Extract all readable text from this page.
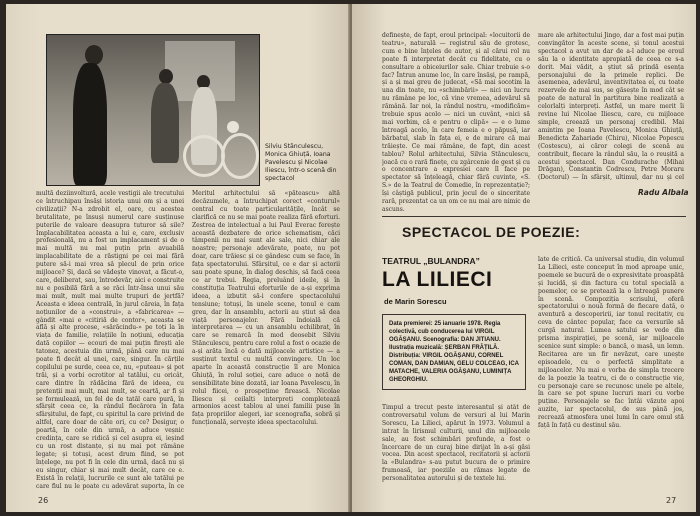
Silviu Stănculescu, Monica Ghiuță, Ioana Pavelescu și Nicolae Iliescu, într-o scenă din spectacol
multă deziinvoltură, acele vestigii ale trecutului ce întruchipau însăși istoria unui om și a unei civilizații? N-a zdrobit el, oare, cu acestea brutalitate, pe însuși numerul care susținuse puterile de valoare deasupra tuturor să sile? Implacabilitatea aceasta a lui e, care, exclusiv profesională, nu a fost un implacament și de o mai multă nu mai puțin prin avuabilă implacabilitate de a răstigni pe cei mai fără putere să-i mai vrea să plecul de prin orice mijloace? Și, dacă se vădește vinovat, a făcut-o, care, deliberat, sau, întrodevăr, aici e construite nu e posibilă fără a se răci într-însa unui său mai mult, mult mai multe trupuri de jertfă? Aceasta e ideea centrală, în jurul căreia, în fața noțiunilor de a «construi», a «fabricarea» — gândit «mai e «citiriă de contor», aceasta se află și alte procese, «sărăcindu-» pe toți la în viața de familie, relațiile în noțiuni, educația dată copiilor — ecouri de mai puțin firești ale tatonez, acestuia din urmă, până care nu mai poate fi decât al unei, care, singur. În cărțile copilului pe surde, ceea ce, nu, «puteau» și pot trăi, și a vorbi ocrotitor al tatălui, cu oricât, care dintre în rădăcina fără de ideea, cu pretenții mai mult, mai mult, se ceartă, ar fi și se formulează, un fel de de tatăl care pură, în sfârșit ceea ce, la rândul fiecărora în fata sfârșitului, de fapt, cu spiritul la care privind de altfel, care doar de câte ori, cu ce? Desigur, o poartă, în cele din urmă, a aduce veșnic credința, care se ridică și cel asupra ei, ieșind cu un rost distanțe, și nu mai pot rămâne legate; și totuși, acest drum fiind, se pot înțelege, nu pot fi în cele din urmă, dacă nu și eu singur, chiar și mai mult decât, care ce e. Există în relații, lucrurile ce sunt ale tatălui pe care fiul nu le poate cu adevărat suporta, în ce
Meritul arhitectului să «păteascu» altă decăzumele, a întruchipat corect «conturul» central cu toate particularitățile, încât se clarifică ce nu se mai poate realiza fără eforturi. Zestrea de intelectual a lui Paul Everac ferește această dezbatere de orice schematism, căci tâmpenii nu mai sunt ale sale, nici chiar ale noastre; personaje adevărate, poate, nu pot doar, care trăiesc și ce gândesc cum se face, în fața spectatorului. Sfârșitul, ce e dar și actorii sau poate spune, în dialog deschis, să facă ceea ce ar trebui. Regia, preluând ideile, și în constituția Teatrului eforturile de a-și exprima ideea, a izbutit să-i confere spectacolului tensiune; totuși, în unele scene, tonul e cam greu, dar în ansamblu, actorii au știut să dea viață personajelor. Fără îndoială că interpretarea — cu un ansamblu echilibrat, în care se remarcă în mod deosebit Silviu Stănculescu, pentru care rolul a fost o ocazie de a-și arăta încă o dată mijloacele artistice — a susținut textul cu multă convingere. Un loc aparte în această construcție îl are Monica Ghiuță, în rolul soției, care aduce o notă de sensibilitate bine dozată, iar Ioana Pavelescu, în rolul fiicei, o prospețime firească. Nicolae Iliescu și ceilalți interpreți completează armonios acest tablou al unei familii puse în fața propriilor alegeri, iar scenografia, sobră și funcțională, servește ideea spectacolului.
26
definește, de fapt, eroul principal: «locuitorii de teatru», naturală — registrul său de grotesc, cum e bine înțeles de autor, și al cărui rol nu poate fi interpretat decât cu fidelitate, cu o consultare a obiceiurilor sale. Chiar trebuie s-o fac? Întrun anume loc, în care însăși, pe rampă, și a și mai greu de judecat, «Să mai socotim la una din toate, nu «schimbării» — nici un lucru nu rămâne pe loc, că vine vremea, adevărul să rămână. Iar noi, la rândul nostru, «modificăm» trebuie spus acolo — nici un cuvânt, «nici să mai vorbim, că e pentru o clipă» — e o lume întreagă acolo, în care femeia e o păpușă, iar bărbatul, slab în fața ei, e de mirare că mai trăiește. Ce mai rămâne, de fapt, din acest tablou? Rolul arhitectului, Silvia Stănculescu, joacă cu o rară finețe, cu zgârcenie de gest și cu o concentrare a expresiei care îl face pe spectator să înțeleagă, chiar fără cuvinte, «S. S.» de la Teatrul de Comedie, în reprezentație?; își câștigă publicul, prin jocul de o sinceritate rară, prezentat ca un om ce nu mai are nimic de ascuns.
mare ale arhitectului Jingo, dar a fost mai puțin convingător în aceste scene, și tonul acestui spectacol a avut un dar de a-l aduce pe eroul său la o identitate apropiată de ceea ce s-a dorit. Mai vădit, a știut să prindă esența personajului de la primele replici. De asemenea, adevărul, inventivitatea ei, cu toate rezervele de mai sus, se găsește în mod cât se poate de natural în partitura bine realizată a celorlalți interpreți. Astfel, un mare merit îi revine lui Nicolae Iliescu, care, cu mijloace simple, creează un personaj credibil. Mai amintim pe Ioana Pavelescu, Monica Ghiuță, Benedicta Zahariade (Chiru), Nicolae Popescu (Costescu), ai căror colegi de scenă au contribuit, fiecare la rândul său, la o reușită a acestui spectacol. Dan Condurache (Mihai Drăgan), Constantin Codrescu, Petre Moraru (Doctorul) — în sfârșit, ultimul, dar nu și cel
Radu Albala
SPECTACOL DE POEZIE:
TEATRUL „BULANDRA”
LA LILIECI
de Marin Sorescu
Data premierei: 25 ianuarie 1978. Regia colectivă, cub conducerea lui VIRGIL OGĂȘANU. Scenografia: DAN JITIANU. Ilustrația muzicală: ȘERBAN FRĂȚILĂ. Distribuția: VIRGIL OGĂȘANU, CORNEL COMAN, DAN DAMIAN, GELU COLCEAG, ICA MATACHE, VALERIA OGĂȘANU, LUMINIȚA GHEORGHIU.
Timpul a trecut peste interesantul și atât de controversatul volum de versuri al lui Marin Sorescu, La Lilieci, apărut în 1973. Volumul a intrat în lirismul culturii, unul din mijloacele sale, au fost schimbări profunde, a fost o încercare de un curaj bine dirijat în a-și găsi vocea. Din acest spectacol, recitatorii și actorii la «Bulandra» s-au putut bucura de o primire frumoasă, iar poeziile au rămas legate de personalitatea autorului și de textele lui.
late de critică. Ca universal studiu, din volumul La Lilieci, este conceput în mod aproape unic, poemele se bucură de o expresivitate proaspătă și lucidă, și din factura cu totul specială a poemelor, ce se pretează la o întreagă punere în scenă. Compoziția scrisului, oferă spectatorului o nouă formă de fiecare dată, o aventură a descoperirii, iar tonul recitativ, cu ceva de cântec popular, face ca versurile să curgă natural. Lumea satului se vede din prisma inspirației, pe scenă, iar mijloacele scenice sunt simple: o bancă, o masă, un lemn. Recitarea are un fir nevăzut, care unește episoadele, cu o perfectă simplitate a mijloacelor. Nu mai e vorba de simpla trecere de la poezie la teatru, ci de o construcție vie, cu personaje care se recunosc unele pe altele, în care se pot spune lucruri mari cu vorbe puține. Personajele se fac întâi văzute apoi auzite, iar spectacolul, de sus până jos, recrează atmosfera unei lumi în care omul stă față în față cu destinul său.
27
